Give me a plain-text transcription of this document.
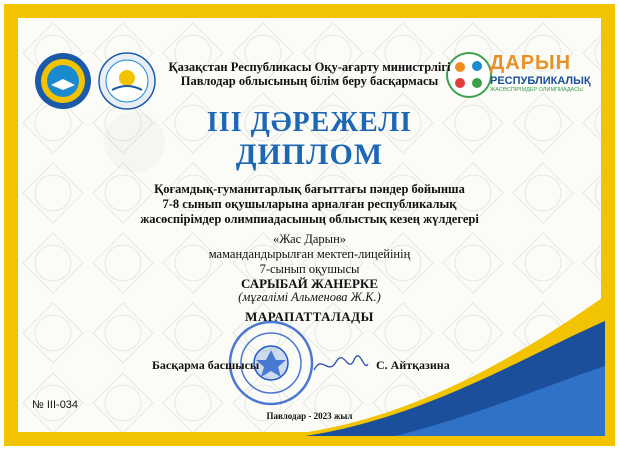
ДАРЫН
РЕСПУБЛИКАЛЫҚ
ЖАСӨСПІРІМДЕР ОЛИМПИАДАСЫ
Қазақстан Республикасы Оқу-ағарту министрлігі
Павлодар облысының білім беру басқармасы
III ДӘРЕЖЕЛІ
ДИПЛОМ
Қоғамдық-гуманитарлық бағыттағы пәндер бойынша
7-8 сынып оқушыларына арналған республикалық
жасөспірімдер олимпиадасының облыстық кезең жүлдегері
«Жас Дарын»
мамандандырылған мектеп-лицейінің
7-сынып оқушысы
САРЫБАЙ ЖАНЕРКЕ
(мұғалімі Альменова Ж.К.)
МАРАПАТТАЛАДЫ
Басқарма басшысы	С. Айтқазина
№ III-034
Павлодар - 2023 жыл
